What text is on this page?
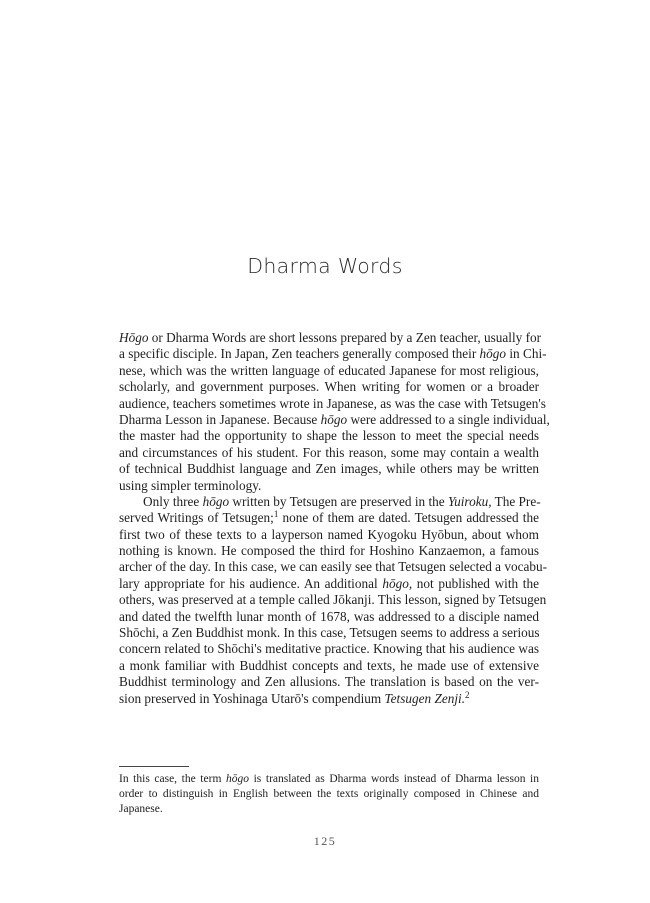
Dharma Words
Hōgo or Dharma Words are short lessons prepared by a Zen teacher, usually for
a specific disciple. In Japan, Zen teachers generally composed their hōgo in Chi-
nese, which was the written language of educated Japanese for most religious,
scholarly, and government purposes. When writing for women or a broader
audience, teachers sometimes wrote in Japanese, as was the case with Tetsugen's
Dharma Lesson in Japanese. Because hōgo were addressed to a single individual,
the master had the opportunity to shape the lesson to meet the special needs
and circumstances of his student. For this reason, some may contain a wealth
of technical Buddhist language and Zen images, while others may be written
using simpler terminology.
Only three hōgo written by Tetsugen are preserved in the Yuiroku, The Pre-
served Writings of Tetsugen;$^1$ none of them are dated. Tetsugen addressed the
first two of these texts to a layperson named Kyogoku Hyōbun, about whom
nothing is known. He composed the third for Hoshino Kanzaemon, a famous
archer of the day. In this case, we can easily see that Tetsugen selected a vocabu-
lary appropriate for his audience. An additional hōgo, not published with the
others, was preserved at a temple called Jōkanji. This lesson, signed by Tetsugen
and dated the twelfth lunar month of 1678, was addressed to a disciple named
Shōchi, a Zen Buddhist monk. In this case, Tetsugen seems to address a serious
concern related to Shōchi's meditative practice. Knowing that his audience was
a monk familiar with Buddhist concepts and texts, he made use of extensive
Buddhist terminology and Zen allusions. The translation is based on the ver-
sion preserved in Yoshinaga Utarō's compendium Tetsugen Zenji.$^2$
In this case, the term hōgo is translated as Dharma words instead of Dharma lesson in
order to distinguish in English between the texts originally composed in Chinese and
Japanese.
125
